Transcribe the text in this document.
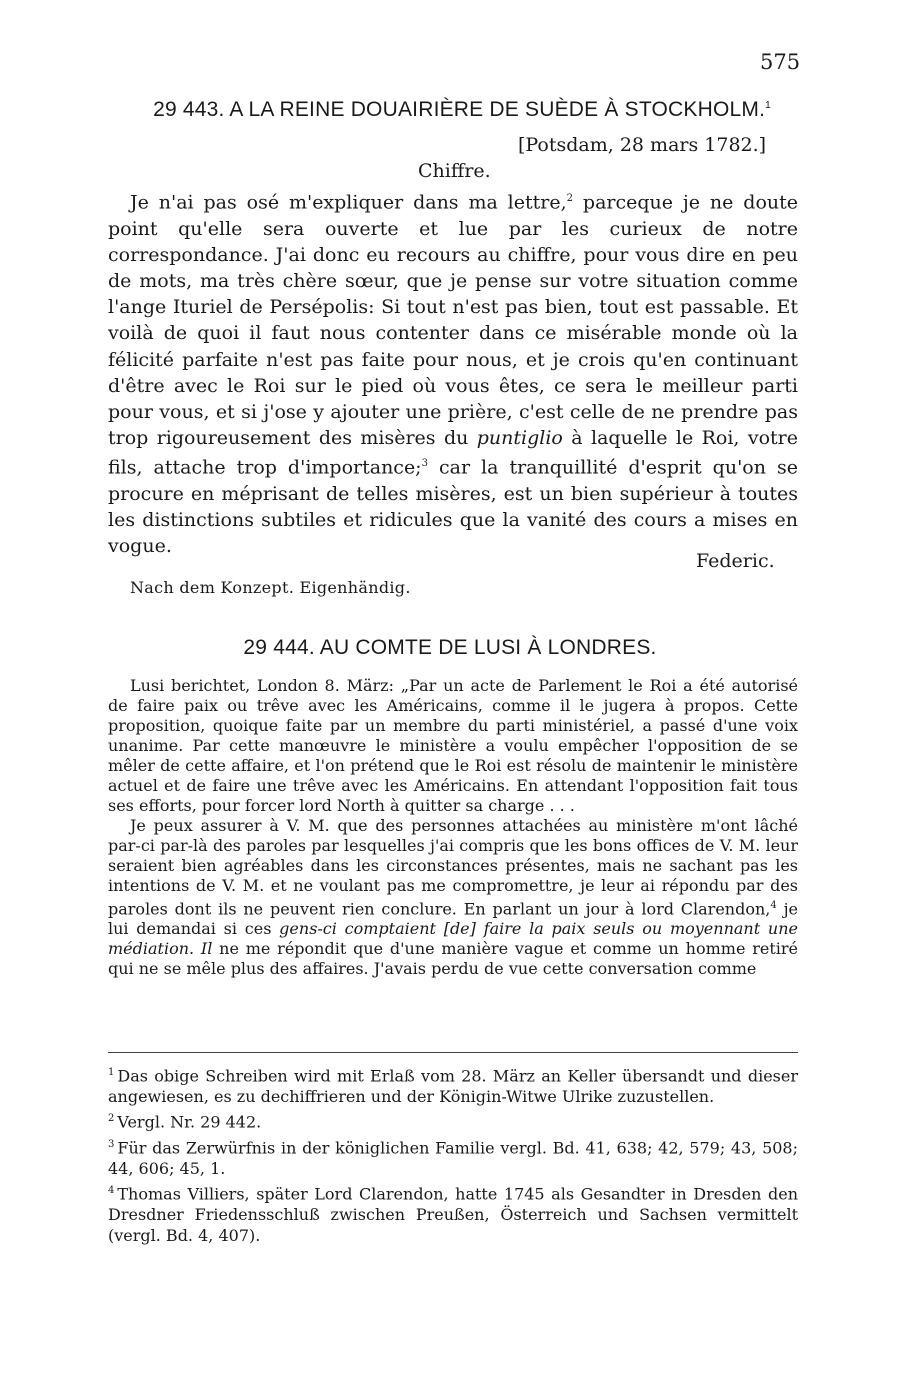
575
29 443. A LA REINE DOUAIRIÈRE DE SUÈDE À STOCKHOLM.$^1$
[Potsdam, 28 mars 1782.]
Chiffre.

Je n'ai pas osé m'expliquer dans ma lettre,$^2$ parceque je ne doute point qu'elle sera ouverte et lue par les curieux de notre correspondance. J'ai donc eu recours au chiffre, pour vous dire en peu de mots, ma très chère sœur, que je pense sur votre situation comme l'ange Ituriel de Persépolis: Si tout n'est pas bien, tout est passable. Et voilà de quoi il faut nous contenter dans ce misérable monde où la félicité parfaite n'est pas faite pour nous, et je crois qu'en continuant d'être avec le Roi sur le pied où vous êtes, ce sera le meilleur parti pour vous, et si j'ose y ajouter une prière, c'est celle de ne prendre pas trop rigoureusement des misères du puntiglio à laquelle le Roi, votre fils, attache trop d'importance;$^3$ car la tranquillité d'esprit qu'on se procure en méprisant de telles misères, est un bien supérieur à toutes les distinctions subtiles et ridicules que la vanité des cours a mises en vogue.

Federic.
Nach dem Konzept. Eigenhändig.
29 444. AU COMTE DE LUSI À LONDRES.

Lusi berichtet, London 8. März: „Par un acte de Parlement le Roi a été autorisé de faire paix ou trêve avec les Américains, comme il le jugera à propos. Cette proposition, quoique faite par un membre du parti ministériel, a passé d'une voix unanime. Par cette manœuvre le ministère a voulu empêcher l'opposition de se mêler de cette affaire, et l'on prétend que le Roi est résolu de maintenir le ministère actuel et de faire une trêve avec les Américains. En attendant l'opposition fait tous ses efforts, pour forcer lord North à quitter sa charge . . .

Je peux assurer à V. M. que des personnes attachées au ministère m'ont lâché par-ci par-là des paroles par lesquelles j'ai compris que les bons offices de V. M. leur seraient bien agréables dans les circonstances présentes, mais ne sachant pas les intentions de V. M. et ne voulant pas me compromettre, je leur ai répondu par des paroles dont ils ne peuvent rien conclure. En parlant un jour à lord Clarendon,$^4$ je lui demandai si ces gens-ci comptaient [de] faire la paix seuls ou moyennant une médiation. Il ne me répondit que d'une manière vague et comme un homme retiré qui ne se mêle plus des affaires. J'avais perdu de vue cette conversation comme

$^1$ Das obige Schreiben wird mit Erlaß vom 28. März an Keller übersandt und dieser angewiesen, es zu dechiffrieren und der Königin-Witwe Ulrike zuzustellen.

$^2$ Vergl. Nr. 29 442.

$^3$ Für das Zerwürfnis in der königlichen Familie vergl. Bd. 41, 638; 42, 579; 43, 508; 44, 606; 45, 1.

$^4$ Thomas Villiers, später Lord Clarendon, hatte 1745 als Gesandter in Dresden den Dresdner Friedensschluß zwischen Preußen, Österreich und Sachsen vermittelt (vergl. Bd. 4, 407).
